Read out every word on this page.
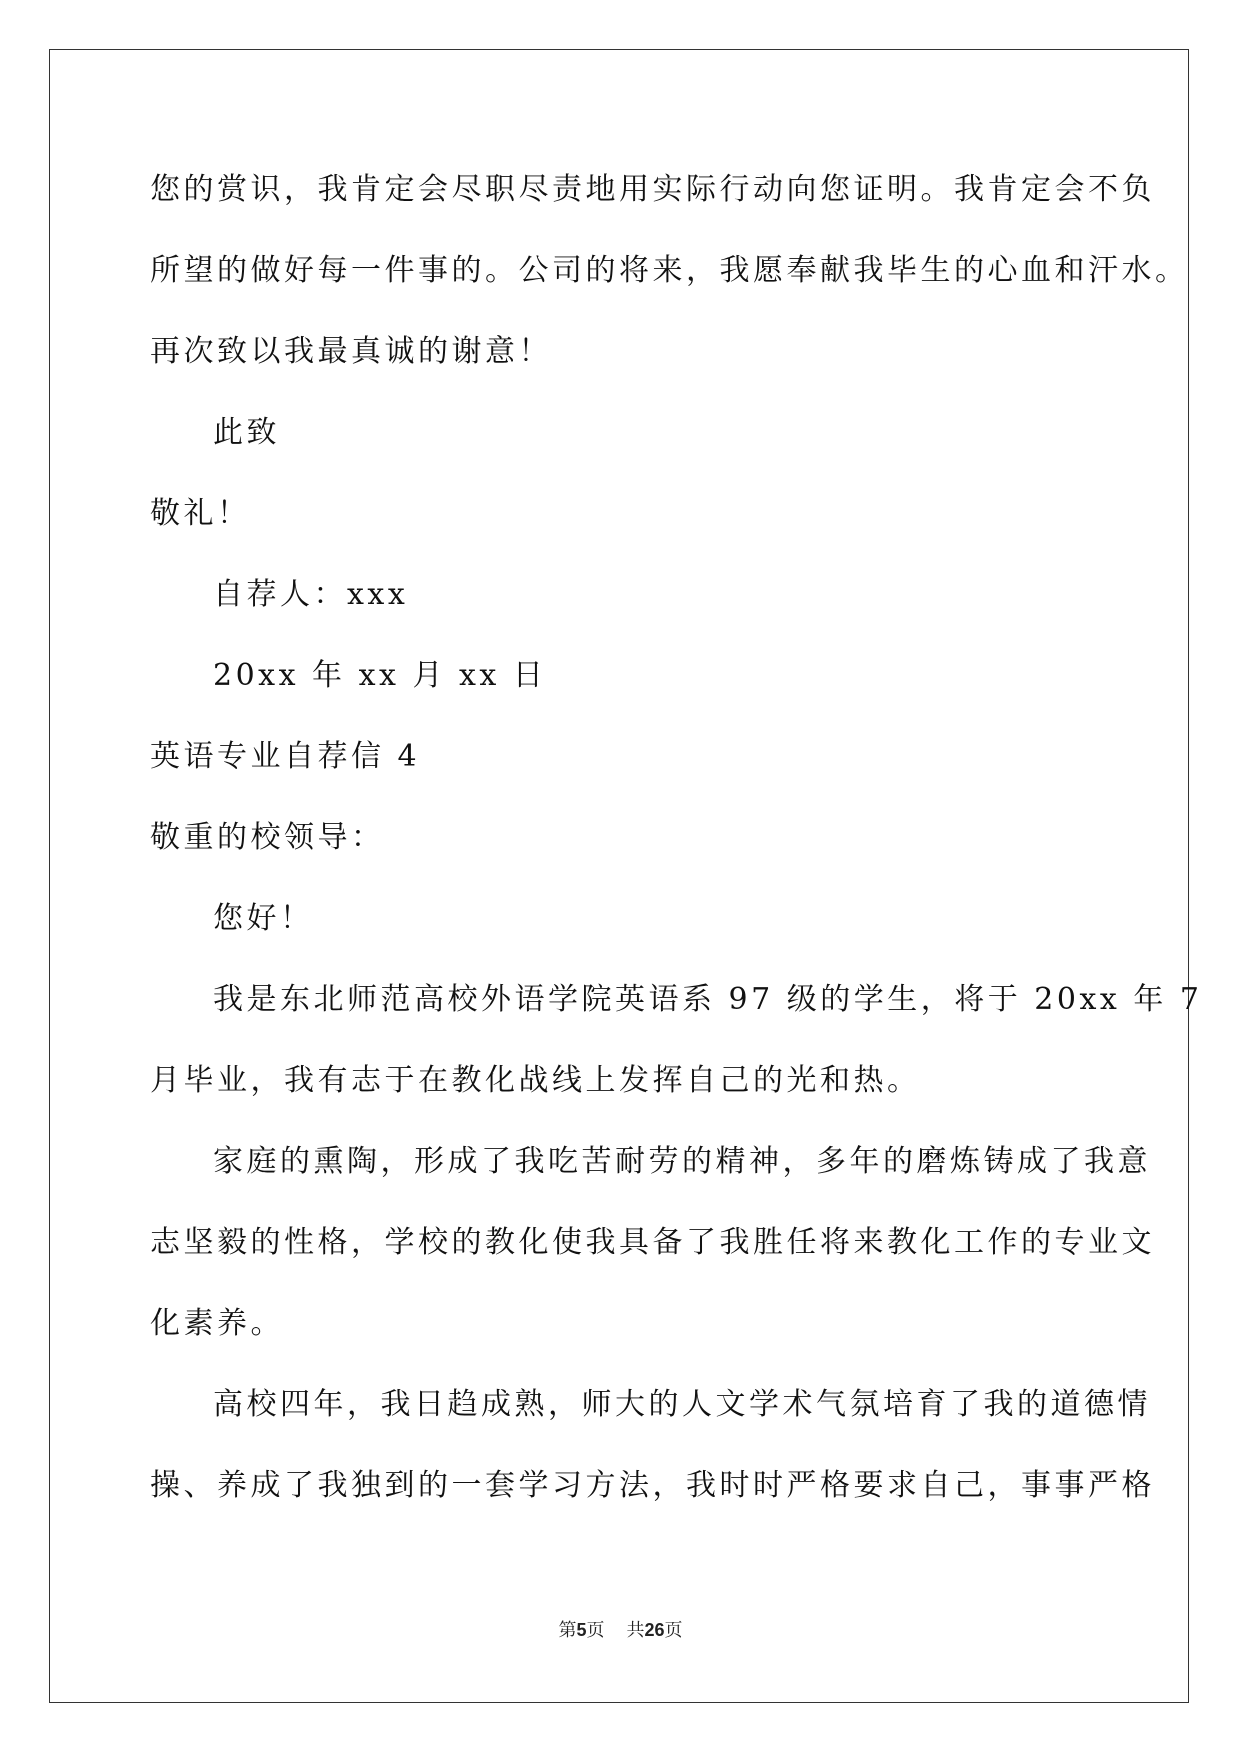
您的赏识，我肯定会尽职尽责地用实际行动向您证明。我肯定会不负
所望的做好每一件事的。公司的将来，我愿奉献我毕生的心血和汗水。
再次致以我最真诚的谢意！
此致
敬礼！
自荐人：xxx
20xx 年 xx 月 xx 日
英语专业自荐信 4
敬重的校领导：
您好！
我是东北师范高校外语学院英语系 97 级的学生，将于 20xx 年 7
月毕业，我有志于在教化战线上发挥自己的光和热。
家庭的熏陶，形成了我吃苦耐劳的精神，多年的磨炼铸成了我意
志坚毅的性格，学校的教化使我具备了我胜任将来教化工作的专业文
化素养。
高校四年，我日趋成熟，师大的人文学术气氛培育了我的道德情
操、养成了我独到的一套学习方法，我时时严格要求自己，事事严格
第5页 共26页
